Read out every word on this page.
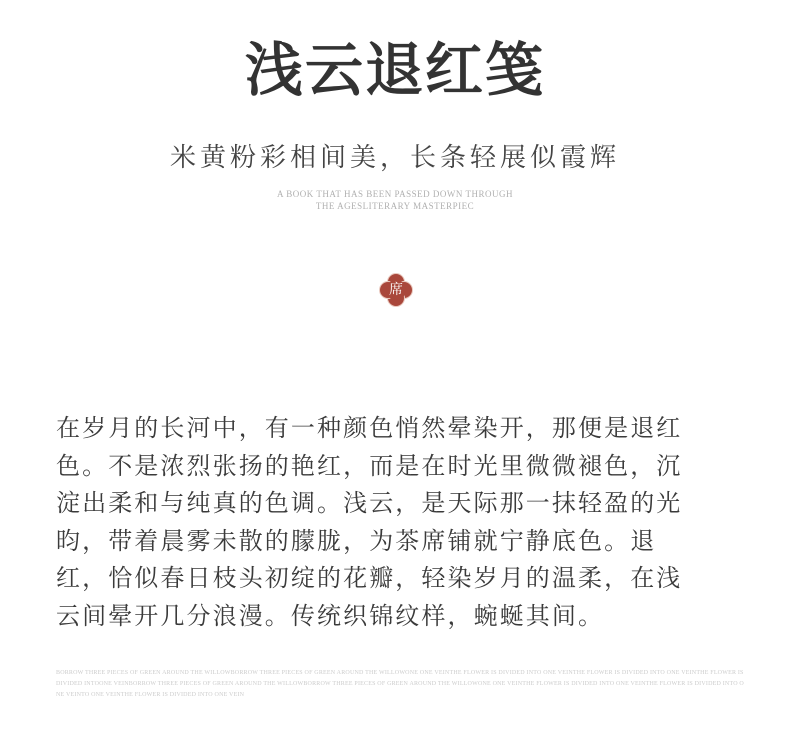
浅云退红笺
米黄粉彩相间美，长条轻展似霞辉
A BOOK THAT HAS BEEN PASSED DOWN THROUGH
THE AGESLITERARY MASTERPIEC
席
在岁月的长河中，有一种颜色悄然晕染开，那便是退红
色。不是浓烈张扬的艳红，而是在时光里微微褪色，沉
淀出柔和与纯真的色调。浅云，是天际那一抹轻盈的光
昀，带着晨雾未散的朦胧，为茶席铺就宁静底色。退
红，恰似春日枝头初绽的花瓣，轻染岁月的温柔，在浅
云间晕开几分浪漫。传统织锦纹样，蜿蜒其间。
BORROW THREE PIECES OF GREEN AROUND THE WILLOWBORROW THREE PIECES OF GREEN AROUND THE WILLOWONE ONE VEINTHE FLOWER IS DIVIDED INTO ONE VEINTHE FLOWER IS DIVIDED INTO ONE VEINTHE FLOWER IS DIVIDED INTOONE VEINBORROW THREE PIECES OF GREEN AROUND THE WILLOWBORROW THREE PIECES OF GREEN AROUND THE WILLOWONE ONE VEINTHE FLOWER IS DIVIDED INTO ONE VEINTHE FLOWER IS DIVIDED INTO ONE VEINTO ONE VEINTHE FLOWER IS DIVIDED INTO ONE VEIN
